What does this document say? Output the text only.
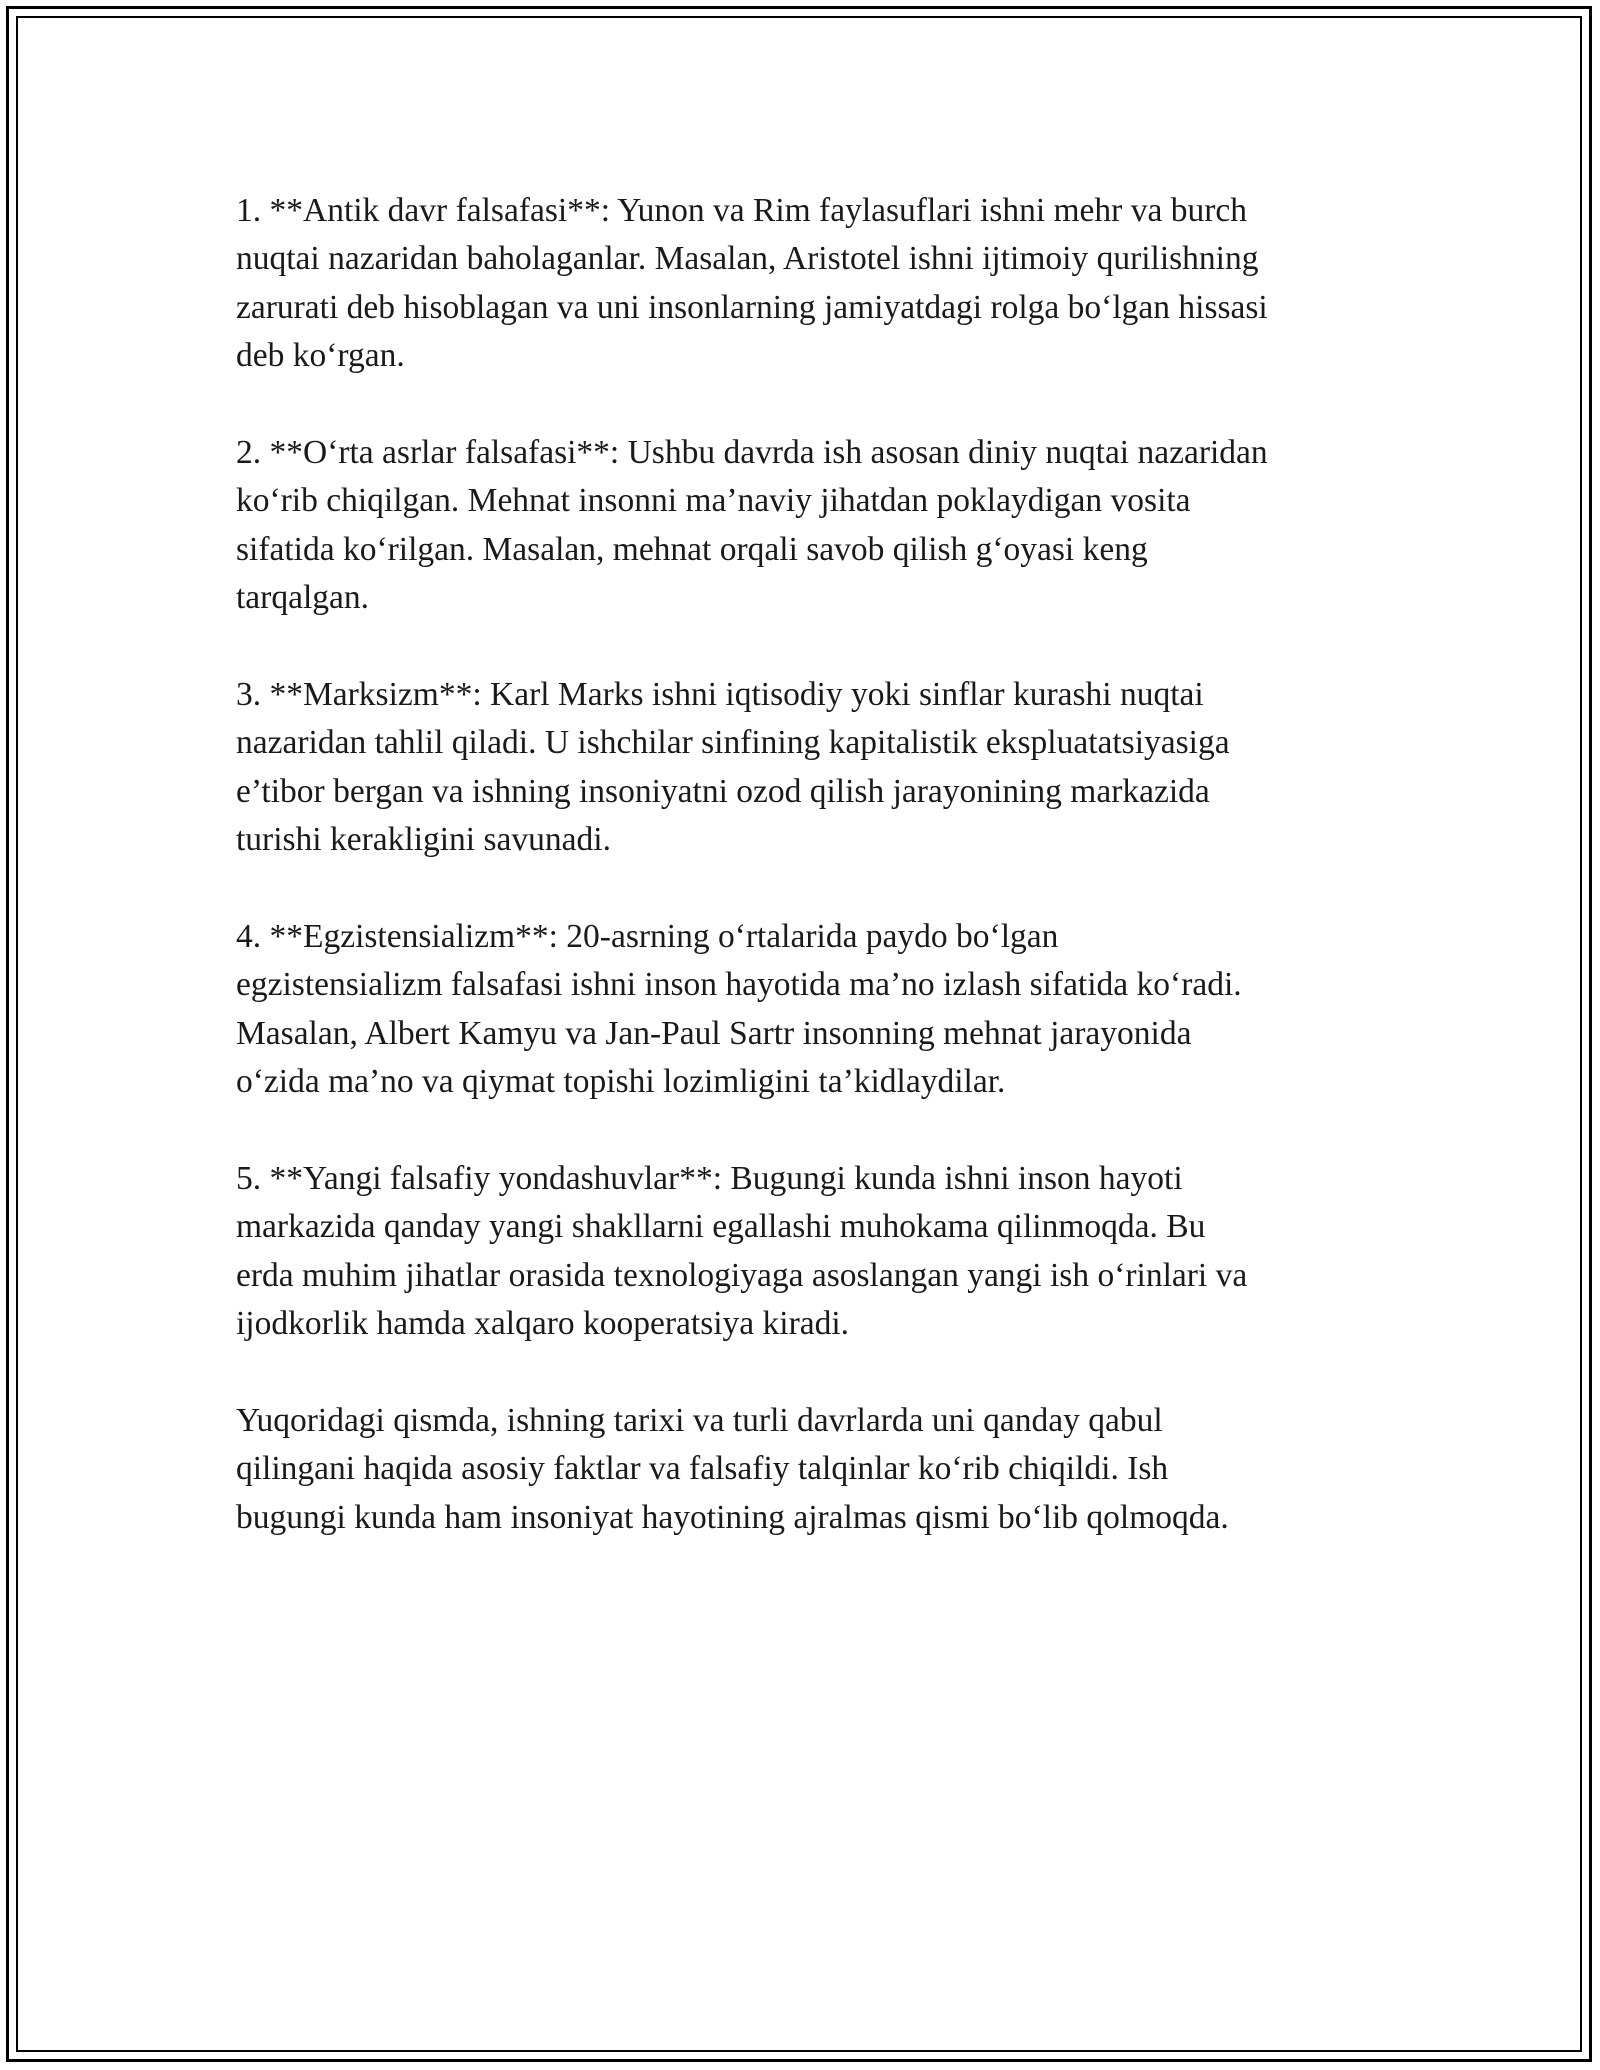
1. **Antik davr falsafasi**: Yunon va Rim faylasuflari ishni mehr va burch
nuqtai nazaridan baholaganlar. Masalan, Aristotel ishni ijtimoiy qurilishning
zarurati deb hisoblagan va uni insonlarning jamiyatdagi rolga bo‘lgan hissasi
deb ko‘rgan.

2. **O‘rta asrlar falsafasi**: Ushbu davrda ish asosan diniy nuqtai nazaridan
ko‘rib chiqilgan. Mehnat insonni ma’naviy jihatdan poklaydigan vosita
sifatida ko‘rilgan. Masalan, mehnat orqali savob qilish g‘oyasi keng
tarqalgan.

3. **Marksizm**: Karl Marks ishni iqtisodiy yoki sinflar kurashi nuqtai
nazaridan tahlil qiladi. U ishchilar sinfining kapitalistik ekspluatatsiyasiga
e’tibor bergan va ishning insoniyatni ozod qilish jarayonining markazida
turishi kerakligini savunadi.

4. **Egzistensializm**: 20-asrning o‘rtalarida paydo bo‘lgan
egzistensializm falsafasi ishni inson hayotida ma’no izlash sifatida ko‘radi.
Masalan, Albert Kamyu va Jan-Paul Sartr insonning mehnat jarayonida
o‘zida ma’no va qiymat topishi lozimligini ta’kidlaydilar.

5. **Yangi falsafiy yondashuvlar**: Bugungi kunda ishni inson hayoti
markazida qanday yangi shakllarni egallashi muhokama qilinmoqda. Bu
erda muhim jihatlar orasida texnologiyaga asoslangan yangi ish o‘rinlari va
ijodkorlik hamda xalqaro kooperatsiya kiradi.

Yuqoridagi qismda, ishning tarixi va turli davrlarda uni qanday qabul
qilingani haqida asosiy faktlar va falsafiy talqinlar ko‘rib chiqildi. Ish
bugungi kunda ham insoniyat hayotining ajralmas qismi bo‘lib qolmoqda.
